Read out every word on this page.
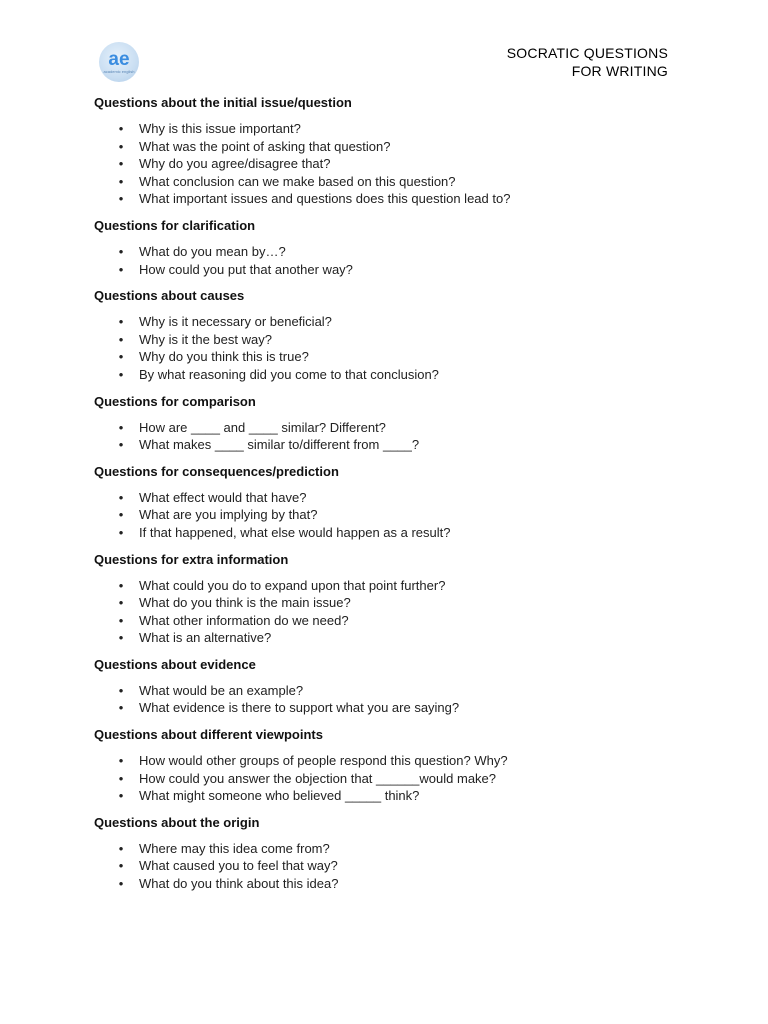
ae
academic english
SOCRATIC QUESTIONS
FOR WRITING
Questions about the initial issue/question
• Why is this issue important?
• What was the point of asking that question?
• Why do you agree/disagree that?
• What conclusion can we make based on this question?
• What important issues and questions does this question lead to?
Questions for clarification
• What do you mean by…?
• How could you put that another way?
Questions about causes
• Why is it necessary or beneficial?
• Why is it the best way?
• Why do you think this is true?
• By what reasoning did you come to that conclusion?
Questions for comparison
• How are ____ and ____ similar? Different?
• What makes ____ similar to/different from ____?
Questions for consequences/prediction
• What effect would that have?
• What are you implying by that?
• If that happened, what else would happen as a result?
Questions for extra information
• What could you do to expand upon that point further?
• What do you think is the main issue?
• What other information do we need?
• What is an alternative?
Questions about evidence
• What would be an example?
• What evidence is there to support what you are saying?
Questions about different viewpoints
• How would other groups of people respond this question? Why?
• How could you answer the objection that ______would make?
• What might someone who believed _____ think?
Questions about the origin
• Where may this idea come from?
• What caused you to feel that way?
• What do you think about this idea?
